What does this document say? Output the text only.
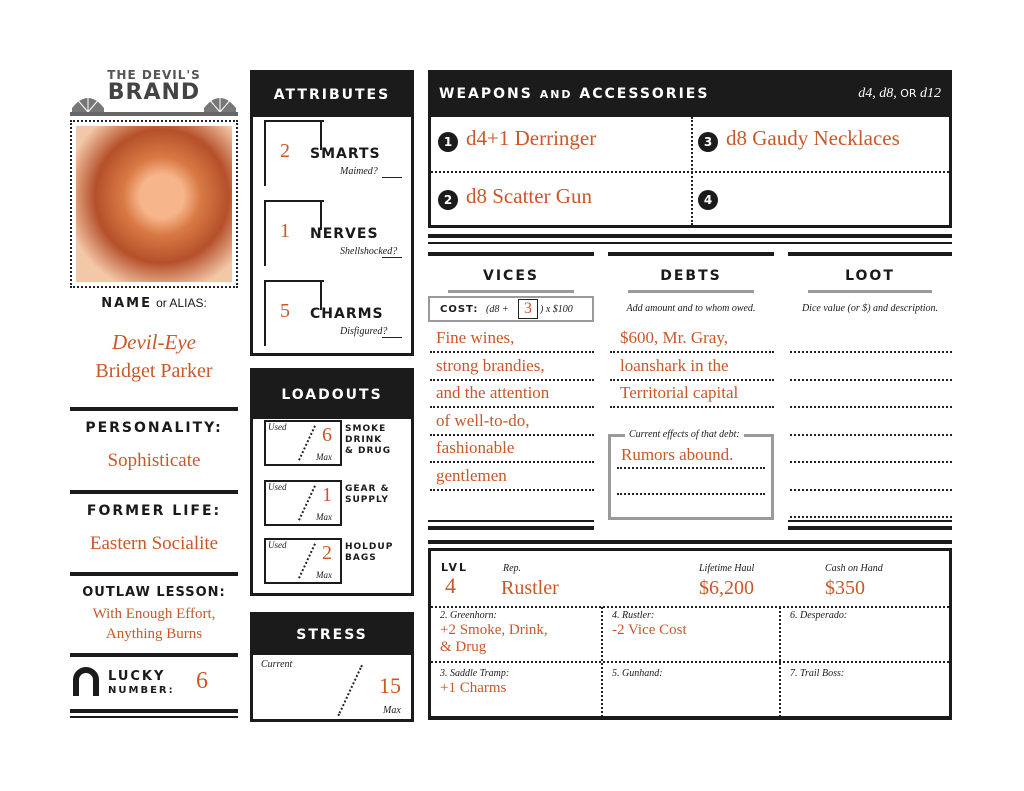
THE DEVIL'S
BRAND
NAME or ALIAS:
Devil-Eye
Bridget Parker
PERSONALITY:
Sophisticate
FORMER LIFE:
Eastern Socialite
OUTLAW LESSON:
With Enough Effort,
Anything Burns
LUCKY
NUMBER: 6
ATTRIBUTES
LOADOUTS
STRESS
Current
15
Max
WEAPONS AND ACCESSORIES	d4, d8, OR d12
VICES	DEBTS	LOOT
COST: (d8 + 3 ) x $100	Add amount and to whom owed.	Dice value (or $) and description.
Current effects of that debt:
Rumors abound.
LVL
4
Rep.
Rustler
Lifetime Haul
$6,200
Cash on Hand
$350
2 SMARTS
Maimed?
1 NERVES
Shellshocked?
5 CHARMS
Disfigured?
Used 6
Max
SMOKE
DRINK
& DRUG
Used 1
Max
GEAR &
SUPPLY
Used 2
Max
HOLDUP
BAGS
1 d4+1 Derringer
2 d8 Scatter Gun
3 d8 Gaudy Necklaces
4
Fine wines,
strong brandies,
and the attention
of well-to-do,
fashionable
gentlemen
$600, Mr. Gray,
loanshark in the
Territorial capital
2. Greenhorn:
+2 Smoke, Drink,
& Drug
4. Rustler:
-2 Vice Cost
6. Desperado:
3. Saddle Tramp:
+1 Charms
5. Gunhand:	7. Trail Boss:
